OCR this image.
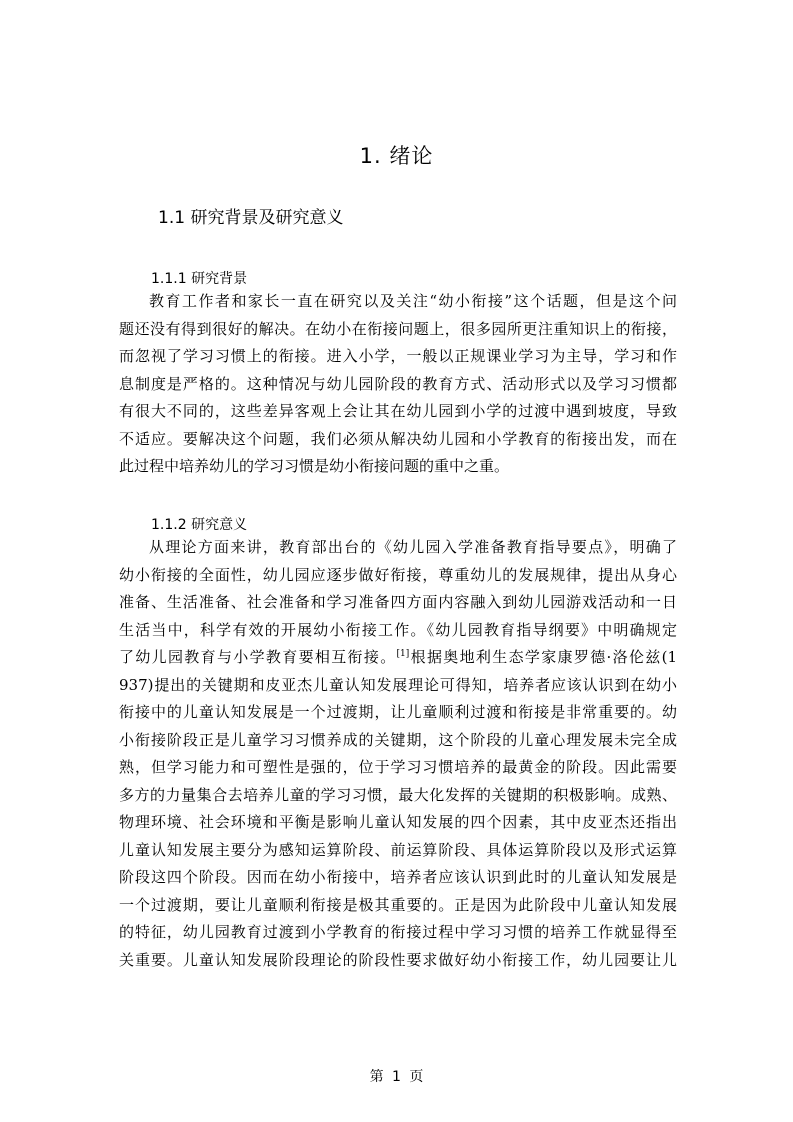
1. 绪论
1.1 研究背景及研究意义
1.1.1 研究背景
教育工作者和家长一直在研究以及关注“幼小衔接”这个话题，但是这个问
题还没有得到很好的解决。在幼小在衔接问题上，很多园所更注重知识上的衔接，
而忽视了学习习惯上的衔接。进入小学，一般以正规课业学习为主导，学习和作
息制度是严格的。这种情况与幼儿园阶段的教育方式、活动形式以及学习习惯都
有很大不同的，这些差异客观上会让其在幼儿园到小学的过渡中遇到坡度，导致
不适应。要解决这个问题，我们必须从解决幼儿园和小学教育的衔接出发，而在
此过程中培养幼儿的学习习惯是幼小衔接问题的重中之重。
1.1.2 研究意义
从理论方面来讲，教育部出台的《幼儿园入学准备教育指导要点》，明确了
幼小衔接的全面性，幼儿园应逐步做好衔接，尊重幼儿的发展规律，提出从身心
准备、生活准备、社会准备和学习准备四方面内容融入到幼儿园游戏活动和一日
生活当中，科学有效的开展幼小衔接工作。《幼儿园教育指导纲要》中明确规定
了幼儿园教育与小学教育要相互衔接。[1]根据奥地利生态学家康罗德·洛伦兹(1
937)提出的关键期和皮亚杰儿童认知发展理论可得知，培养者应该认识到在幼小
衔接中的儿童认知发展是一个过渡期，让儿童顺利过渡和衔接是非常重要的。幼
小衔接阶段正是儿童学习习惯养成的关键期，这个阶段的儿童心理发展未完全成
熟，但学习能力和可塑性是强的，位于学习习惯培养的最黄金的阶段。因此需要
多方的力量集合去培养儿童的学习习惯，最大化发挥的关键期的积极影响。成熟、
物理环境、社会环境和平衡是影响儿童认知发展的四个因素，其中皮亚杰还指出
儿童认知发展主要分为感知运算阶段、前运算阶段、具体运算阶段以及形式运算
阶段这四个阶段。因而在幼小衔接中，培养者应该认识到此时的儿童认知发展是
一个过渡期，要让儿童顺利衔接是极其重要的。正是因为此阶段中儿童认知发展
的特征，幼儿园教育过渡到小学教育的衔接过程中学习习惯的培养工作就显得至
关重要。儿童认知发展阶段理论的阶段性要求做好幼小衔接工作，幼儿园要让儿
第 1 页
